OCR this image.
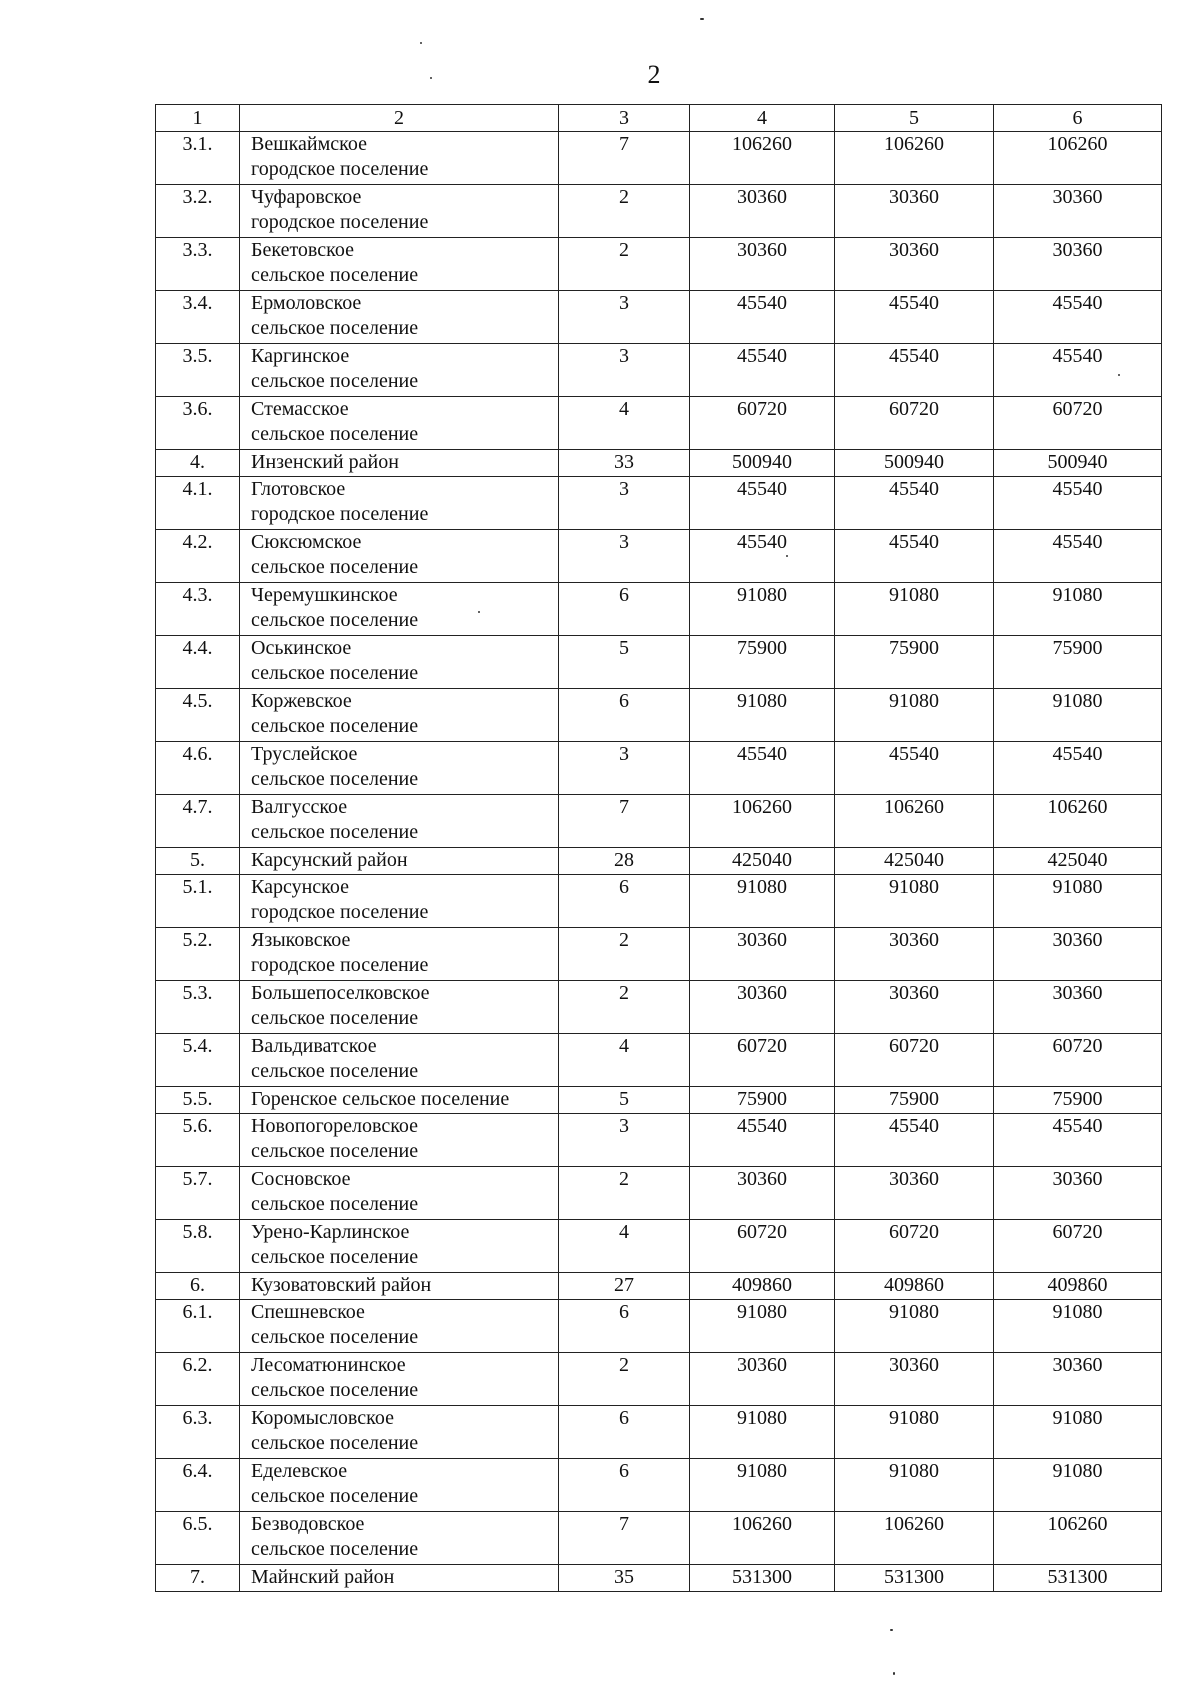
2
1	2	3	4	5	6
3.1.	Вешкаймское
городское поселение	7	106260	106260	106260
3.2.	Чуфаровское
городское поселение	2	30360	30360	30360
3.3.	Бекетовское
сельское поселение	2	30360	30360	30360
3.4.	Ермоловское
сельское поселение	3	45540	45540	45540
3.5.	Каргинское
сельское поселение	3	45540	45540	45540
3.6.	Стемасское
сельское поселение	4	60720	60720	60720
4.	Инзенский район	33	500940	500940	500940
4.1.	Глотовское
городское поселение	3	45540	45540	45540
4.2.	Сюксюмское
сельское поселение	3	45540	45540	45540
4.3.	Черемушкинское
сельское поселение	6	91080	91080	91080
4.4.	Оськинское
сельское поселение	5	75900	75900	75900
4.5.	Коржевское
сельское поселение	6	91080	91080	91080
4.6.	Труслейское
сельское поселение	3	45540	45540	45540
4.7.	Валгусское
сельское поселение	7	106260	106260	106260
5.	Карсунский район	28	425040	425040	425040
5.1.	Карсунское
городское поселение	6	91080	91080	91080
5.2.	Языковское
городское поселение	2	30360	30360	30360
5.3.	Большепоселковское
сельское поселение	2	30360	30360	30360
5.4.	Вальдиватское
сельское поселение	4	60720	60720	60720
5.5.	Горенское сельское поселение	5	75900	75900	75900
5.6.	Новопогореловское
сельское поселение	3	45540	45540	45540
5.7.	Сосновское
сельское поселение	2	30360	30360	30360
5.8.	Урено-Карлинское
сельское поселение	4	60720	60720	60720
6.	Кузоватовский район	27	409860	409860	409860
6.1.	Спешневское
сельское поселение	6	91080	91080	91080
6.2.	Лесоматюнинское
сельское поселение	2	30360	30360	30360
6.3.	Коромысловское
сельское поселение	6	91080	91080	91080
6.4.	Еделевское
сельское поселение	6	91080	91080	91080
6.5.	Безводовское
сельское поселение	7	106260	106260	106260
7.	Майнский район	35	531300	531300	531300
